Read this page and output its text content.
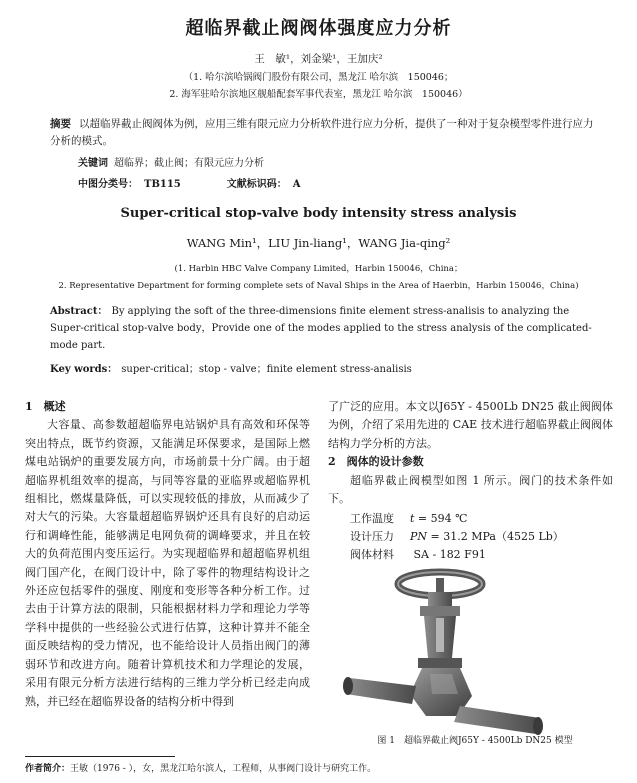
超临界截止阀阀体强度应力分析
王　敏¹，刘金梁¹，王加庆²
（1. 哈尔滨哈锅阀门股份有限公司，黑龙江 哈尔滨　150046；
2. 海军驻哈尔滨地区舰船配套军事代表室，黑龙江 哈尔滨　150046）
摘要 以超临界截止阀阀体为例，应用三维有限元应力分析软件进行应力分析，提供了一种对于复杂模型零件进行应力分析的模式。
关键词 超临界；截止阀；有限元应力分析
中图分类号： TB115	文献标识码： A
Super-critical stop-valve body intensity stress analysis
WANG Min¹，LIU Jin-liang¹，WANG Jia-qing²
(1. Harbin HBC Valve Company Limited，Harbin 150046，China；
2. Representative Department for forming complete sets of Naval Ships in the Area of Haerbin，Harbin 150046，China)
Abstract： By applying the soft of the three-dimensions finite element stress-analisis to analyzing the Super-critical stop-valve body，Provide one of the modes applied to the stress analysis of the complicated-mode part.
Key words： super-critical；stop - valve；finite element stress-analisis

1　概述

大容量、高参数超超临界电站锅炉具有高效和环保等突出特点，既节约资源，又能满足环保要求，是国际上燃煤电站锅炉的重要发展方向，市场前景十分广阔。由于超超临界机组效率的提高，与同等容量的亚临界或超临界机组相比，燃煤量降低，可以实现较低的排放，从而减少了对大气的污染。大容量超超临界锅炉还具有良好的启动运行和调峰性能，能够满足电网负荷的调峰要求，并且在较大的负荷范围内变压运行。为实现超临界和超超临界机组阀门国产化，在阀门设计中，除了零件的物理结构设计之外还应包括零件的强度、刚度和变形等各种分析工作。过去由于计算方法的限制，只能根据材料力学和理论力学等学科中提供的一些经验公式进行估算，这种计算并不能全面反映结构的受力情况，也不能给设计人员指出阀门的薄弱环节和改进方向。随着计算机技术和力学理论的发展，采用有限元分析方法进行结构的三维力学分析已经走向成熟，并已经在超临界设备的结构分析中得到

了广泛的应用。本文以J65Y - 4500Lb DN25 截止阀阀体为例，介绍了采用先进的 CAE 技术进行超临界截止阀阀体结构力学分析的方法。

2　阀体的设计参数

超临界截止阀模型如图 1 所示。阀门的技术条件如下。

工作温度 t = 594 ℃
设计压力 PN = 31.2 MPa（4525 Lb）
阀体材料 SA - 182 F91
图 1　超临界截止阀J65Y - 4500Lb DN25 模型
作者简介：王敏（1976 - ），女，黑龙江哈尔滨人，工程师，从事阀门设计与研究工作。
